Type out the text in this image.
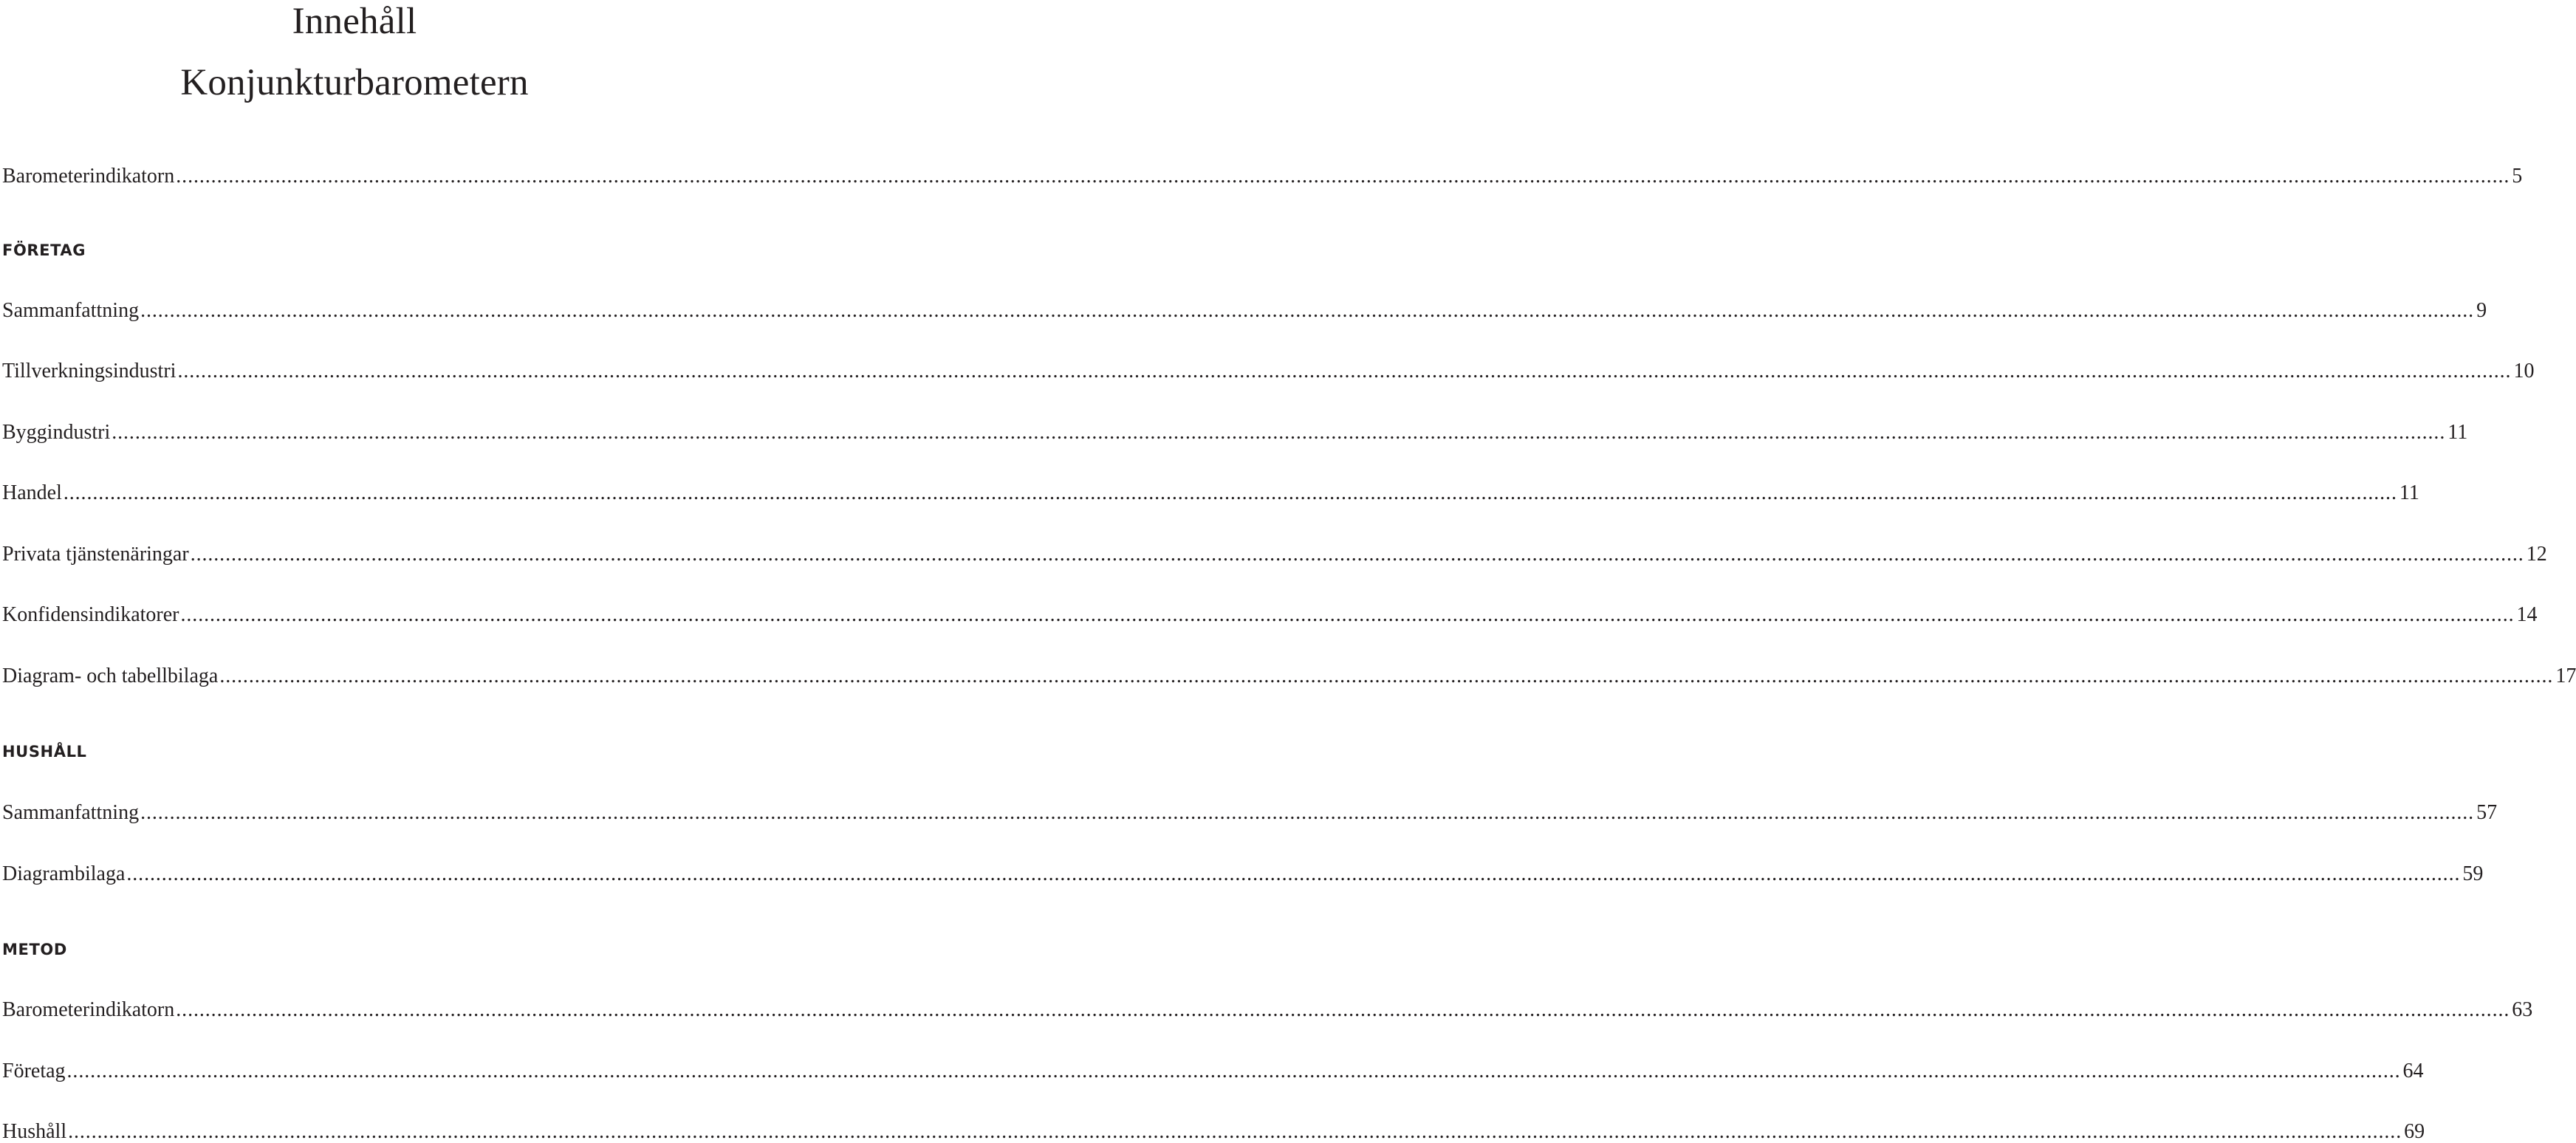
Innehåll
Konjunkturbarometern
Barometerindikatorn ................................................................................................................................................................................................................................................................................................................................................................................................................ 5
FÖRETAG
Sammanfattning ................................................................................................................................................................................................................................................................................................................................................................................................................ 9
Tillverkningsindustri ................................................................................................................................................................................................................................................................................................................................................................................................................ 10
Byggindustri ................................................................................................................................................................................................................................................................................................................................................................................................................ 11
Handel ................................................................................................................................................................................................................................................................................................................................................................................................................ 11
Privata tjänstenäringar ................................................................................................................................................................................................................................................................................................................................................................................................................ 12
Konfidensindikatorer ................................................................................................................................................................................................................................................................................................................................................................................................................ 14
Diagram- och tabellbilaga ................................................................................................................................................................................................................................................................................................................................................................................................................ 17
HUSHÅLL
Sammanfattning ................................................................................................................................................................................................................................................................................................................................................................................................................ 57
Diagrambilaga ................................................................................................................................................................................................................................................................................................................................................................................................................ 59
METOD
Barometerindikatorn ................................................................................................................................................................................................................................................................................................................................................................................................................ 63
Företag ................................................................................................................................................................................................................................................................................................................................................................................................................ 64
Hushåll ................................................................................................................................................................................................................................................................................................................................................................................................................ 69
